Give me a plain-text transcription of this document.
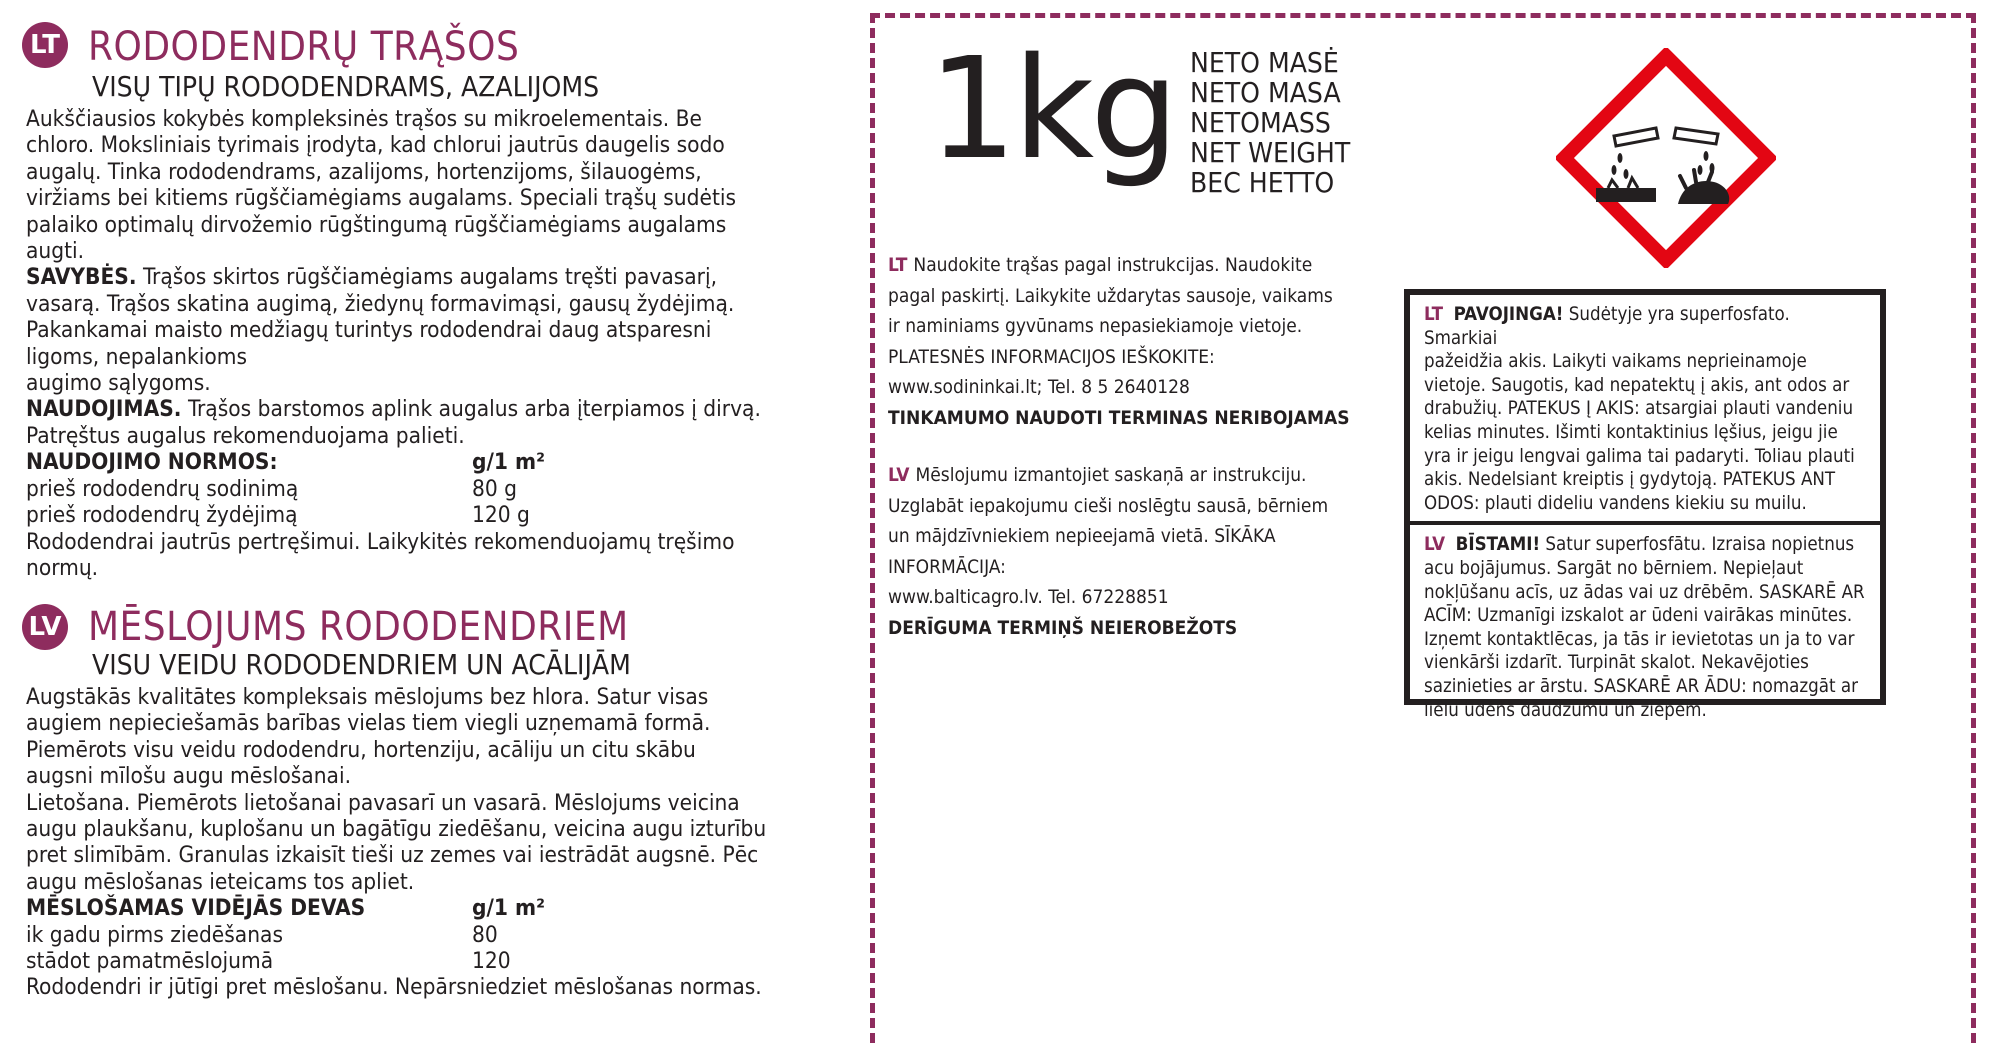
LT RODODENDRŲ TRĄŠOS
VISŲ TIPŲ RODODENDRAMS, AZALIJOMS

Aukščiausios kokybės kompleksinės trąšos su mikroelementais. Be

chloro. Moksliniais tyrimais įrodyta, kad chlorui jautrūs daugelis sodo

augalų. Tinka rododendrams, azalijoms, hortenzijoms, šilauogėms,

viržiams bei kitiems rūgščiamėgiams augalams. Speciali trąšų sudėtis

palaiko optimalų dirvožemio rūgštingumą rūgščiamėgiams augalams

augti.

SAVYBĖS. Trąšos skirtos rūgščiamėgiams augalams tręšti pavasarį,

vasarą. Trąšos skatina augimą, žiedynų formavimąsi, gausų žydėjimą.

Pakankamai maisto medžiagų turintys rododendrai daug atsparesni

ligoms, nepalankioms

augimo sąlygoms.

NAUDOJIMAS. Trąšos barstomos aplink augalus arba įterpiamos į dirvą.

Patręštus augalus rekomenduojama palieti.

NAUDOJIMO NORMOS:	g/1 m²
prieš rododendrų sodinimą	80 g
prieš rododendrų žydėjimą	120 g

Rododendrai jautrūs pertręšimui. Laikykitės rekomenduojamų tręšimo

normų.

LV MĒSLOJUMS RODODENDRIEM
VISU VEIDU RODODENDRIEM UN ACĀLIJĀM

Augstākās kvalitātes kompleksais mēslojums bez hlora. Satur visas

augiem nepieciešamās barības vielas tiem viegli uzņemamā formā.

Piemērots visu veidu rododendru, hortenziju, acāliju un citu skābu

augsni mīlošu augu mēslošanai.

Lietošana. Piemērots lietošanai pavasarī un vasarā. Mēslojums veicina

augu plaukšanu, kuplošanu un bagātīgu ziedēšanu, veicina augu izturību

pret slimībām. Granulas izkaisīt tieši uz zemes vai iestrādāt augsnē. Pēc

augu mēslošanas ieteicams tos apliet.

MĒSLOŠAMAS VIDĒJĀS DEVAS	g/1 m²
ik gadu pirms ziedēšanas	80
stādot pamatmēslojumā	120

Rododendri ir jūtīgi pret mēslošanu. Nepārsniedziet mēslošanas normas.

1kg NETO MASĖ
NETO MASA
NETOMASS
NET WEIGHT
ВЕС НЕТТО

LT Naudokite trąšas pagal instrukcijas. Naudokite

pagal paskirtį. Laikykite uždarytas sausoje, vaikams

ir naminiams gyvūnams nepasiekiamoje vietoje.

PLATESNĖS INFORMACIJOS IEŠKOKITE:

www.sodininkai.lt; Tel. 8 5 2640128

TINKAMUMO NAUDOTI TERMINAS NERIBOJAMAS

LV Mēslojumu izmantojiet saskaņā ar instrukciju.

Uzglabāt iepakojumu cieši noslēgtu sausā, bērniem

un mājdzīvniekiem nepieejamā vietā. SĪKĀKA

INFORMĀCIJA:

www.balticagro.lv. Tel. 67228851

DERĪGUMA TERMIŅŠ NEIEROBEŽOTS

LT PAVOJINGA! Sudėtyje yra superfosfato. Smarkiai
pažeidžia akis. Laikyti vaikams neprieinamoje
vietoje. Saugotis, kad nepatektų į akis, ant odos ar
drabužių. PATEKUS Į AKIS: atsargiai plauti vandeniu
kelias minutes. Išimti kontaktinius lęšius, jeigu jie
yra ir jeigu lengvai galima tai padaryti. Toliau plauti
akis. Nedelsiant kreiptis į gydytoją. PATEKUS ANT
ODOS: plauti dideliu vandens kiekiu su muilu.
LV BĪSTAMI! Satur superfosfātu. Izraisa nopietnus
acu bojājumus. Sargāt no bērniem. Nepieļaut
nokļūšanu acīs, uz ādas vai uz drēbēm. SASKARĒ AR
ACĪM: Uzmanīgi izskalot ar ūdeni vairākas minūtes.
Izņemt kontaktlēcas, ja tās ir ievietotas un ja to var
vienkārši izdarīt. Turpināt skalot. Nekavējoties
sazinieties ar ārstu. SASKARĒ AR ĀDU: nomazgāt ar
lielu ūdens daudzumu un ziepēm.
